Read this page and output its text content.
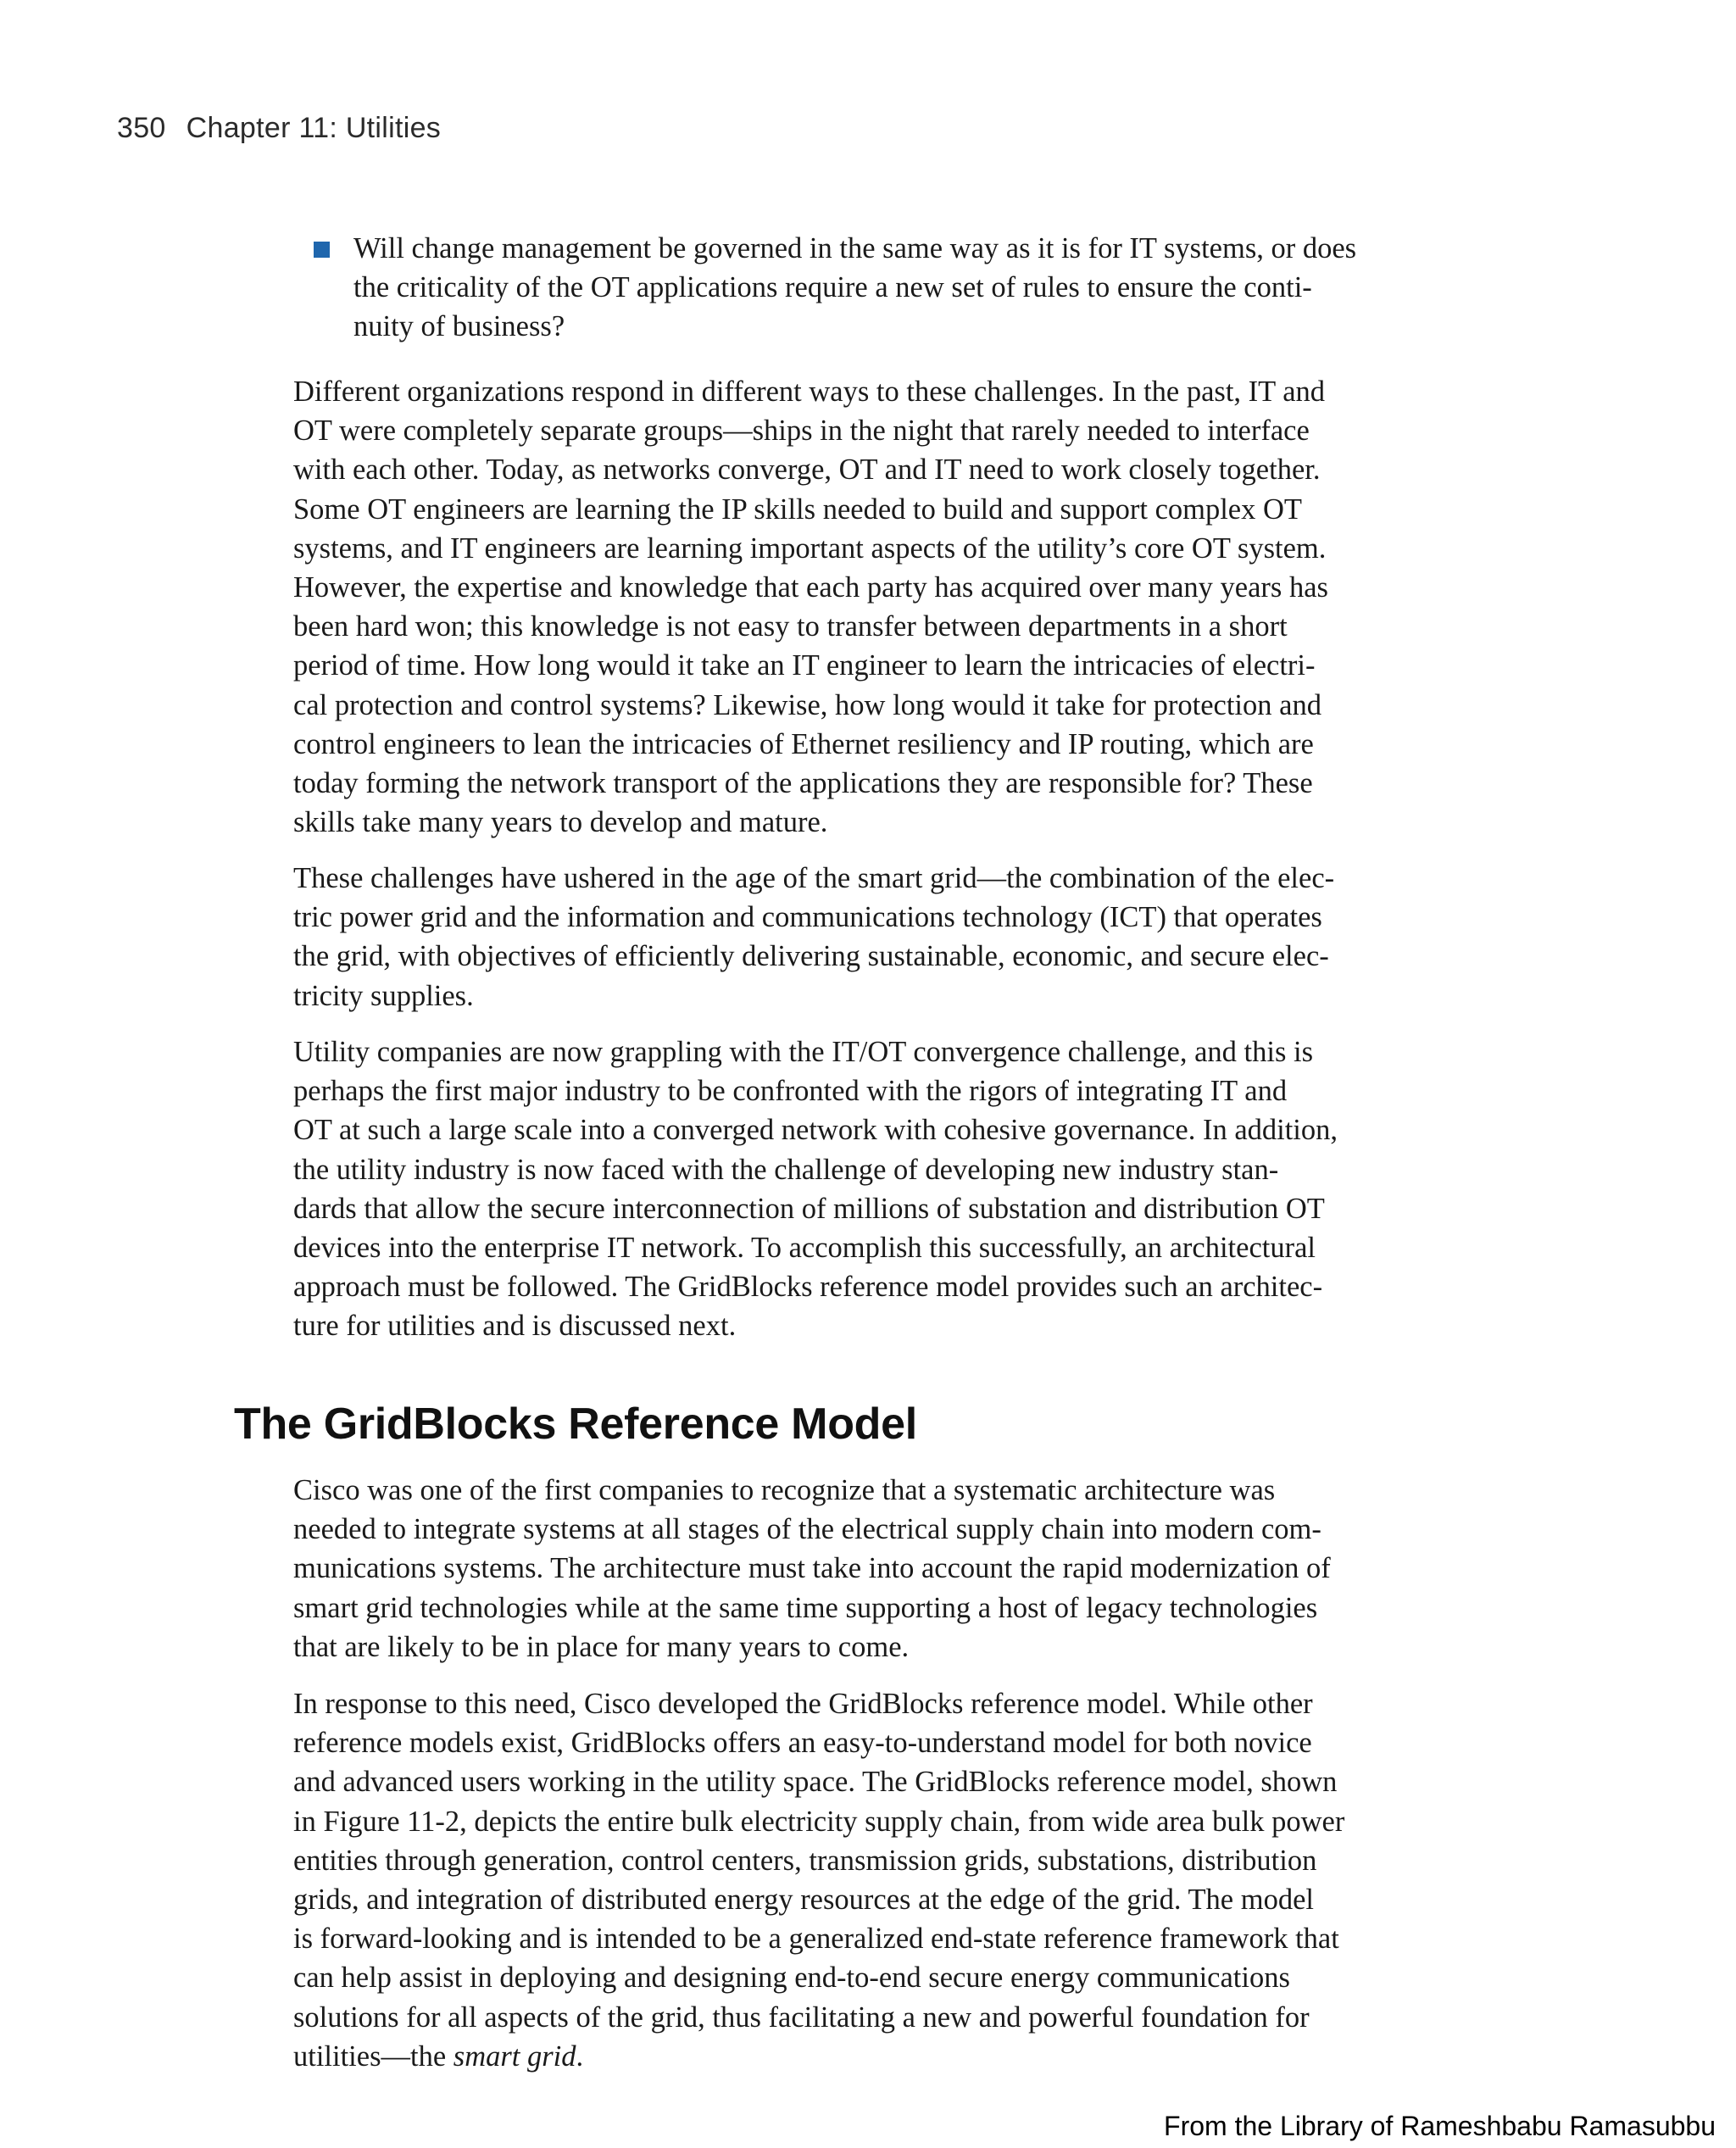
350 Chapter 11: Utilities
Will change management be governed in the same way as it is for IT systems, or does
the criticality of the OT applications require a new set of rules to ensure the conti-
nuity of business?

Different organizations respond in different ways to these challenges. In the past, IT and
OT were completely separate groups—ships in the night that rarely needed to interface
with each other. Today, as networks converge, OT and IT need to work closely together.
Some OT engineers are learning the IP skills needed to build and support complex OT
systems, and IT engineers are learning important aspects of the utility’s core OT system.
However, the expertise and knowledge that each party has acquired over many years has
been hard won; this knowledge is not easy to transfer between departments in a short
period of time. How long would it take an IT engineer to learn the intricacies of electri-
cal protection and control systems? Likewise, how long would it take for protection and
control engineers to lean the intricacies of Ethernet resiliency and IP routing, which are
today forming the network transport of the applications they are responsible for? These
skills take many years to develop and mature.

These challenges have ushered in the age of the smart grid—the combination of the elec-
tric power grid and the information and communications technology (ICT) that operates
the grid, with objectives of efficiently delivering sustainable, economic, and secure elec-
tricity supplies.

Utility companies are now grappling with the IT/OT convergence challenge, and this is
perhaps the first major industry to be confronted with the rigors of integrating IT and
OT at such a large scale into a converged network with cohesive governance. In addition,
the utility industry is now faced with the challenge of developing new industry stan-
dards that allow the secure interconnection of millions of substation and distribution OT
devices into the enterprise IT network. To accomplish this successfully, an architectural
approach must be followed. The GridBlocks reference model provides such an architec-
ture for utilities and is discussed next.

The GridBlocks Reference Model

Cisco was one of the first companies to recognize that a systematic architecture was
needed to integrate systems at all stages of the electrical supply chain into modern com-
munications systems. The architecture must take into account the rapid modernization of
smart grid technologies while at the same time supporting a host of legacy technologies
that are likely to be in place for many years to come.

In response to this need, Cisco developed the GridBlocks reference model. While other
reference models exist, GridBlocks offers an easy-to-understand model for both novice
and advanced users working in the utility space. The GridBlocks reference model, shown
in Figure 11-2, depicts the entire bulk electricity supply chain, from wide area bulk power
entities through generation, control centers, transmission grids, substations, distribution
grids, and integration of distributed energy resources at the edge of the grid. The model
is forward-looking and is intended to be a generalized end-state reference framework that
can help assist in deploying and designing end-to-end secure energy communications
solutions for all aspects of the grid, thus facilitating a new and powerful foundation for
utilities—the smart grid.

From the Library of Rameshbabu Ramasubbu
